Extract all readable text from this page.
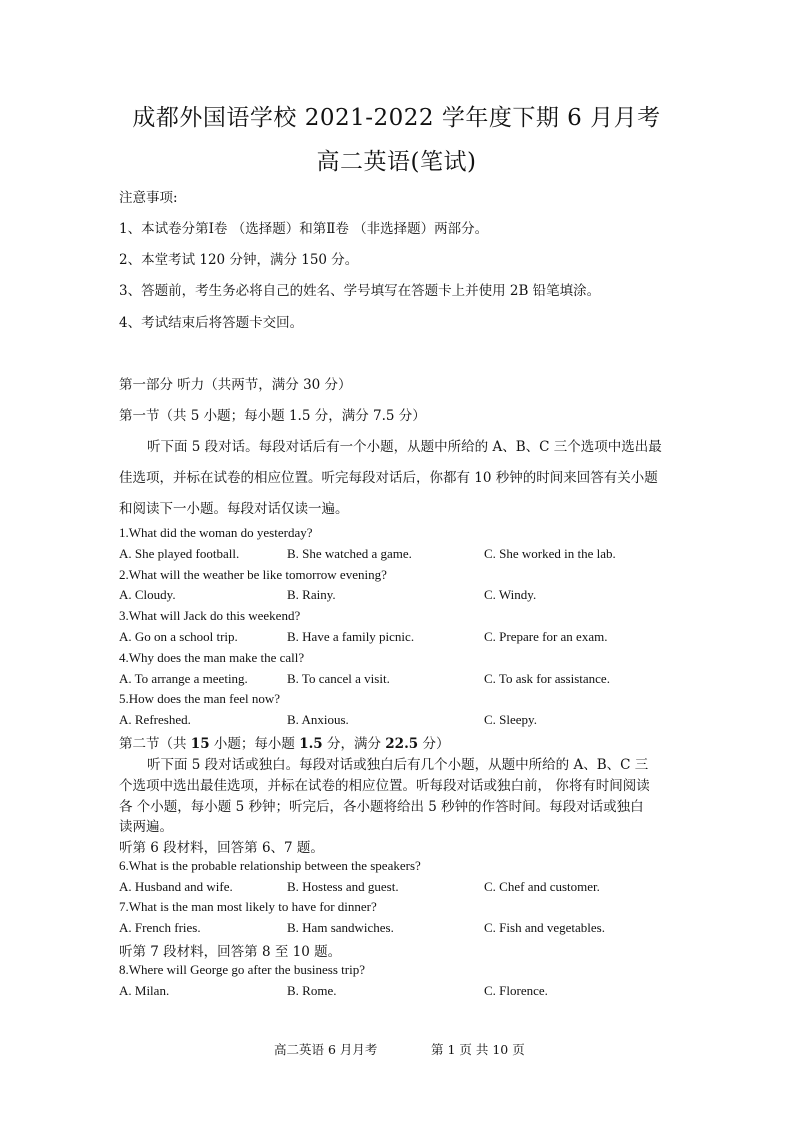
成都外国语学校 2021-2022 学年度下期 6 月月考
高二英语(笔试)
注意事项:
1、本试卷分第Ⅰ卷 （选择题）和第Ⅱ卷 （非选择题）两部分。
2、本堂考试 120 分钟，满分 150 分。
3、答题前，考生务必将自己的姓名、学号填写在答题卡上并使用 2B 铅笔填涂。
4、考试结束后将答题卡交回。
第一部分 听力（共两节，满分 30 分）
第一节（共 5 小题；每小题 1.5 分，满分 7.5 分）
听下面 5 段对话。每段对话后有一个小题，从题中所给的 A、B、C 三个选项中选出最
佳选项，并标在试卷的相应位置。听完每段对话后，你都有 10 秒钟的时间来回答有关小题
和阅读下一小题。每段对话仅读一遍。
1.What did the woman do yesterday?
A. She played football.	B. She watched a game.	C. She worked in the lab.
2.What will the weather be like tomorrow evening?
A. Cloudy.	B. Rainy.	C. Windy.
3.What will Jack do this weekend?
A. Go on a school trip.	B. Have a family picnic.	C. Prepare for an exam.
4.Why does the man make the call?
A. To arrange a meeting.	B. To cancel a visit.	C. To ask for assistance.
5.How does the man feel now?
A. Refreshed.	B. Anxious.	C. Sleepy.
第二节（共 15 小题；每小题 1.5 分，满分 22.5 分）
听下面 5 段对话或独白。每段对话或独白后有几个小题，从题中所给的 A、B、C 三
个选项中选出最佳选项，并标在试卷的相应位置。听每段对话或独白前， 你将有时间阅读
各 个小题，每小题 5 秒钟；听完后，各小题将给出 5 秒钟的作答时间。每段对话或独白
读两遍。
听第 6 段材料，回答第 6、7 题。
6.What is the probable relationship between the speakers?
A. Husband and wife.	B. Hostess and guest.	C. Chef and customer.
7.What is the man most likely to have for dinner?
A. French fries.	B. Ham sandwiches.	C. Fish and vegetables.
听第 7 段材料，回答第 8 至 10 题。
8.Where will George go after the business trip?
A. Milan.	B. Rome.	C. Florence.
高二英语 6 月月考	第 1 页 共 10 页
